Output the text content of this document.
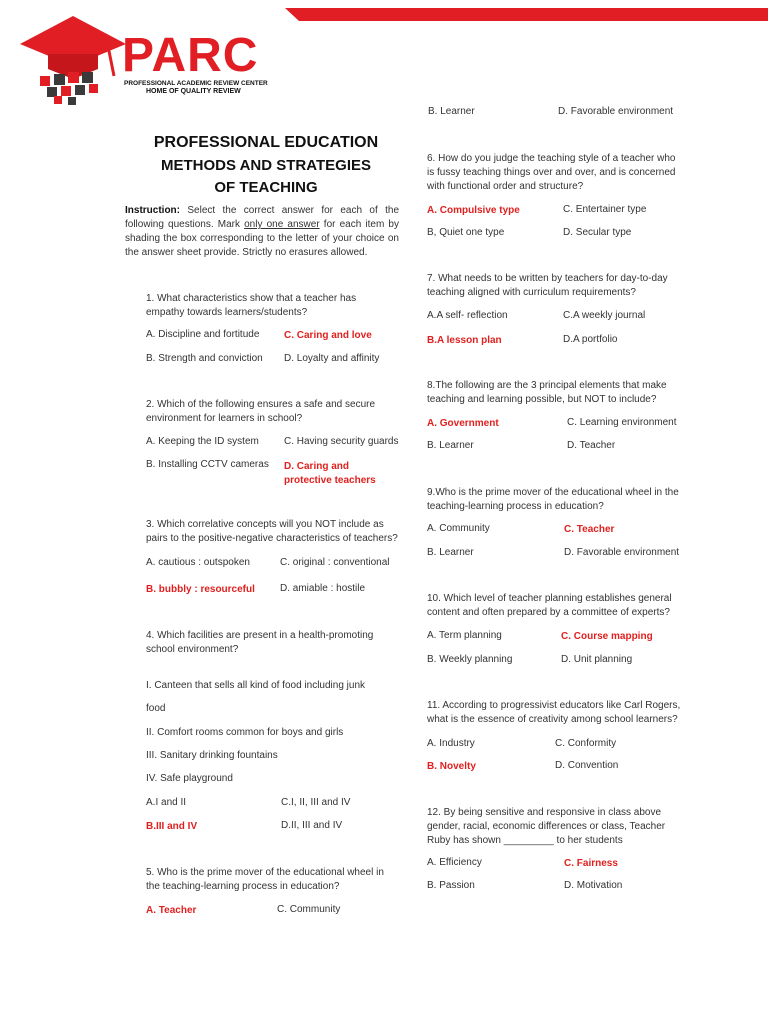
PARC
PROFESSIONAL ACADEMIC REVIEW CENTER
HOME OF QUALITY REVIEW
PROFESSIONAL EDUCATION
METHODS AND STRATEGIES
OF TEACHING
Instruction: Select the correct answer for each of the following questions. Mark only one answer for each item by shading the box corresponding to the letter of your choice on the answer sheet provide. Strictly no erasures allowed.
1. What characteristics show that a teacher has empathy towards learners/students?
A. Discipline and fortitude C. Caring and love
B. Strength and conviction D. Loyalty and affinity
2. Which of the following ensures a safe and secure environment for learners in school?
A. Keeping the ID system	C. Having security guards
B. Installing CCTV cameras D. Caring and protective teachers
3. Which correlative concepts will you NOT include as pairs to the positive-negative characteristics of teachers?
A. cautious : outspoken	C. original : conventional
B. bubbly : resourceful	D. amiable : hostile
4. Which facilities are present in a health-promoting school environment?
I. Canteen that sells all kind of food including junk
food
II. Comfort rooms common for boys and girls
III. Sanitary drinking fountains
IV. Safe playground
A.I and II	C.I, II, III and IV
B.III and IV	D.II, III and IV
5. Who is the prime mover of the educational wheel in the teaching-learning process in education?
A. Teacher	C. Community
B. Learner	D. Favorable environment
6. How do you judge the teaching style of a teacher who is fussy teaching things over and over, and is concerned with functional order and structure?
A. Compulsive type	C. Entertainer type
B, Quiet one type	D. Secular type
7. What needs to be written by teachers for day-to-day teaching aligned with curriculum requirements?
A.A self- reflection	C.A weekly journal
B.A lesson plan	D.A portfolio
8.The following are the 3 principal elements that make teaching and learning possible, but NOT to include?
A. Government	C. Learning environment
B. Learner	D. Teacher
9.Who is the prime mover of the educational wheel in the teaching-learning process in education?
A. Community	C. Teacher
B. Learner	D. Favorable environment
10. Which level of teacher planning establishes general content and often prepared by a committee of experts?
A. Term planning	C. Course mapping
B. Weekly planning	D. Unit planning
11. According to progressivist educators like Carl Rogers, what is the essence of creativity among school learners?
A. Industry	C. Conformity
B. Novelty	D. Convention
12. By being sensitive and responsive in class above gender, racial, economic differences or class, Teacher Ruby has shown _________ to her students
A. Efficiency	C. Fairness
B. Passion	D. Motivation
